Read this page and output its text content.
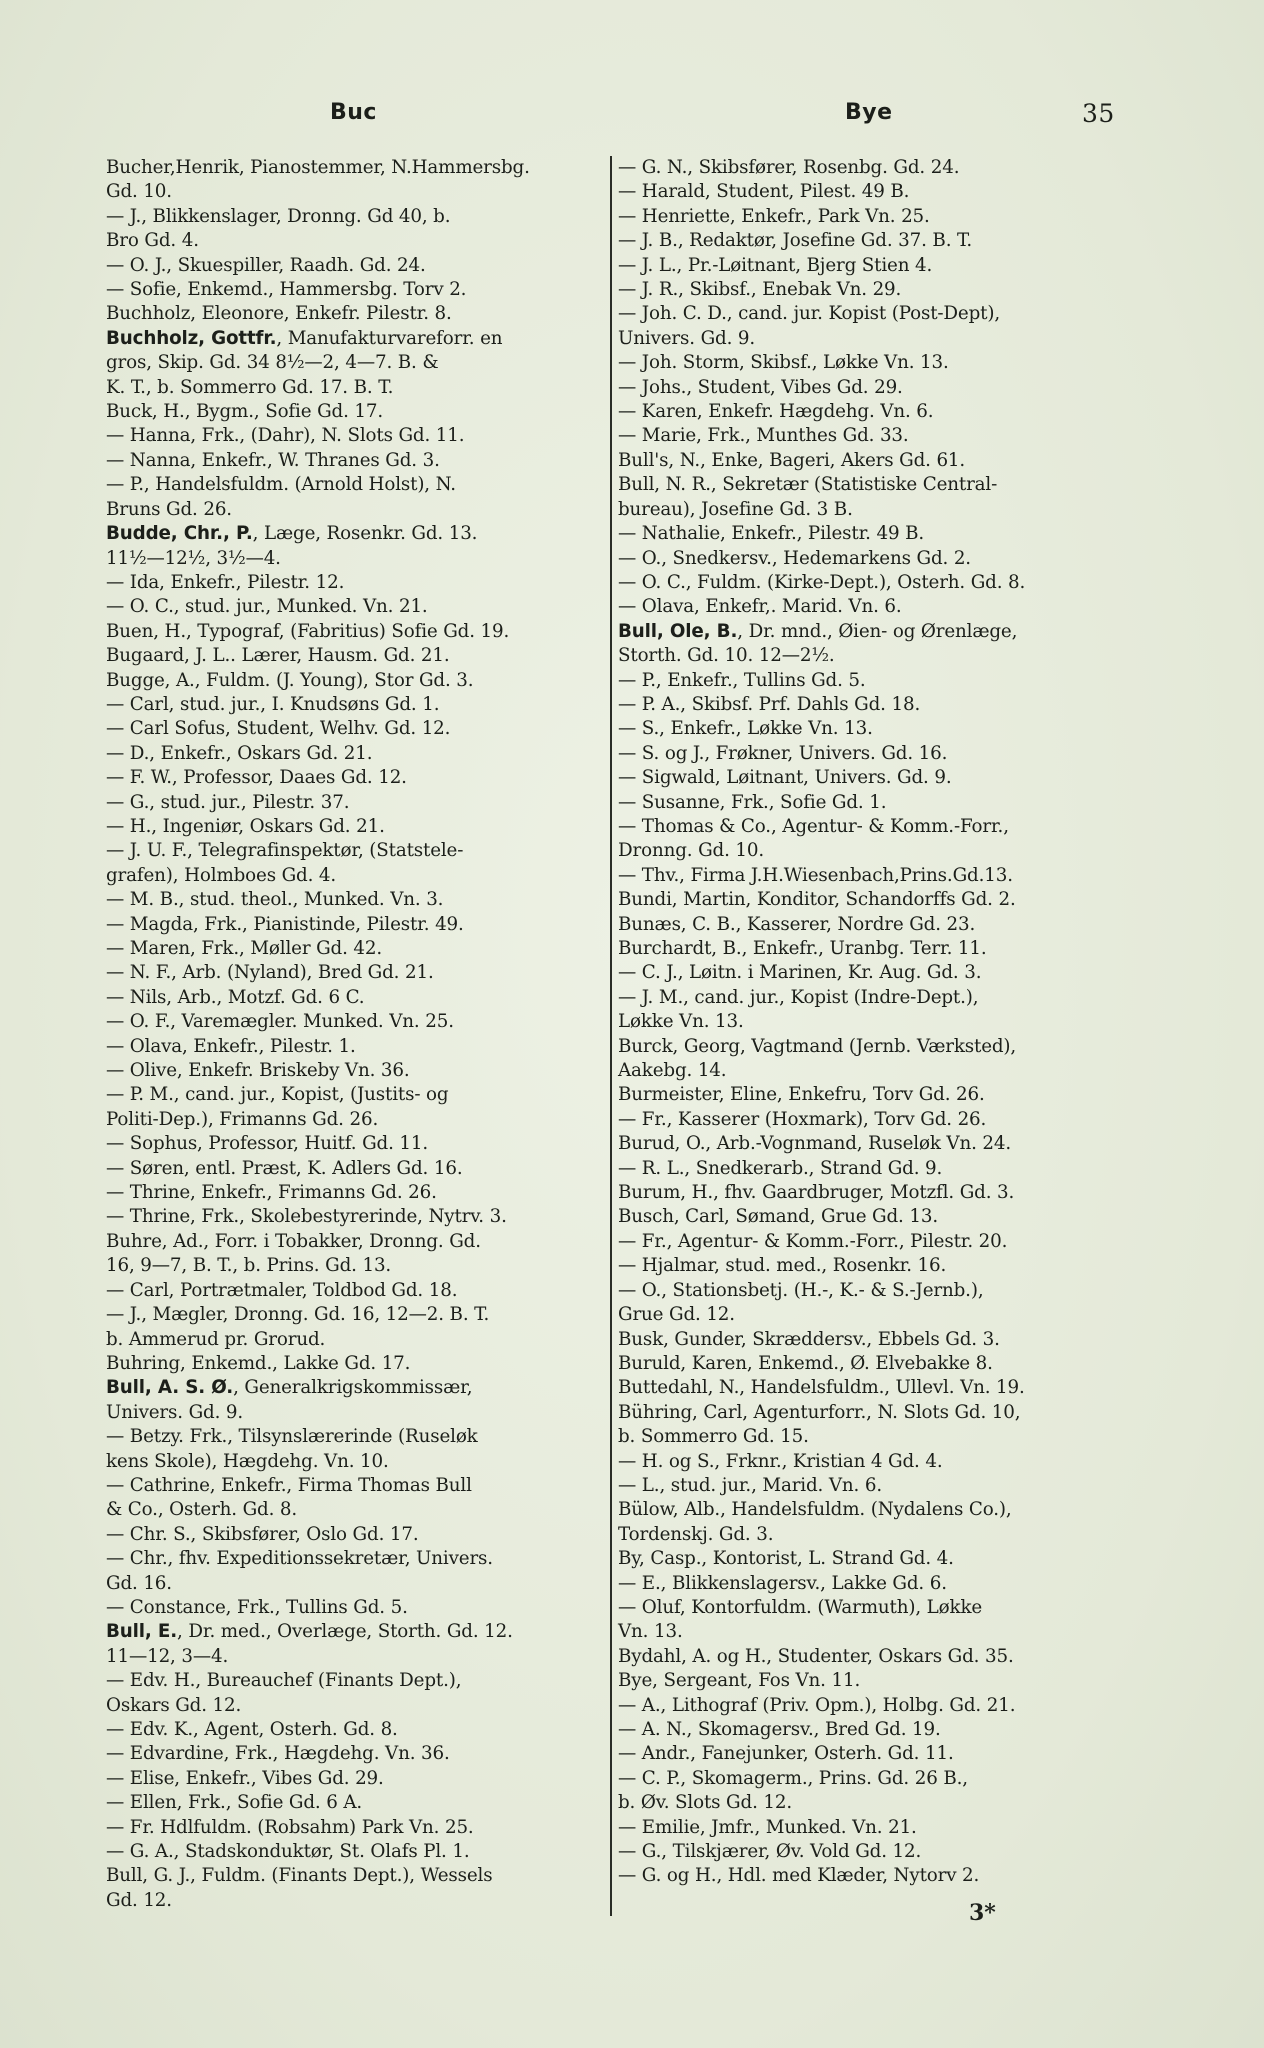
Buc	Bye	35
Bucher,Henrik, Pianostemmer, N.Hammersbg.
Gd. 10.
— J., Blikkenslager, Dronng. Gd 40, b.
Bro Gd. 4.
— O. J., Skuespiller, Raadh. Gd. 24.
— Sofie, Enkemd., Hammersbg. Torv 2.
Buchholz, Eleonore, Enkefr. Pilestr. 8.
Buchholz, Gottfr., Manufakturvareforr. en
gros, Skip. Gd. 34 8½—2, 4—7. B. &
K. T., b. Sommerro Gd. 17. B. T.
Buck, H., Bygm., Sofie Gd. 17.
— Hanna, Frk., (Dahr), N. Slots Gd. 11.
— Nanna, Enkefr., W. Thranes Gd. 3.
— P., Handelsfuldm. (Arnold Holst), N.
Bruns Gd. 26.
Budde, Chr., P., Læge, Rosenkr. Gd. 13.
11½—12½, 3½—4.
— Ida, Enkefr., Pilestr. 12.
— O. C., stud. jur., Munked. Vn. 21.
Buen, H., Typograf, (Fabritius) Sofie Gd. 19.
Bugaard, J. L.. Lærer, Hausm. Gd. 21.
Bugge, A., Fuldm. (J. Young), Stor Gd. 3.
— Carl, stud. jur., I. Knudsøns Gd. 1.
— Carl Sofus, Student, Welhv. Gd. 12.
— D., Enkefr., Oskars Gd. 21.
— F. W., Professor, Daaes Gd. 12.
— G., stud. jur., Pilestr. 37.
— H., Ingeniør, Oskars Gd. 21.
— J. U. F., Telegrafinspektør, (Statstele-
grafen), Holmboes Gd. 4.
— M. B., stud. theol., Munked. Vn. 3.
— Magda, Frk., Pianistinde, Pilestr. 49.
— Maren, Frk., Møller Gd. 42.
— N. F., Arb. (Nyland), Bred Gd. 21.
— Nils, Arb., Motzf. Gd. 6 C.
— O. F., Varemægler. Munked. Vn. 25.
— Olava, Enkefr., Pilestr. 1.
— Olive, Enkefr. Briskeby Vn. 36.
— P. M., cand. jur., Kopist, (Justits- og
Politi-Dep.), Frimanns Gd. 26.
— Sophus, Professor, Huitf. Gd. 11.
— Søren, entl. Præst, K. Adlers Gd. 16.
— Thrine, Enkefr., Frimanns Gd. 26.
— Thrine, Frk., Skolebestyrerinde, Nytrv. 3.
Buhre, Ad., Forr. i Tobakker, Dronng. Gd.
16, 9—7, B. T., b. Prins. Gd. 13.
— Carl, Portrætmaler, Toldbod Gd. 18.
— J., Mægler, Dronng. Gd. 16, 12—2. B. T.
b. Ammerud pr. Grorud.
Buhring, Enkemd., Lakke Gd. 17.
Bull, A. S. Ø., Generalkrigskommissær,
Univers. Gd. 9.
— Betzy. Frk., Tilsynslærerinde (Ruseløk
kens Skole), Hægdehg. Vn. 10.
— Cathrine, Enkefr., Firma Thomas Bull
& Co., Osterh. Gd. 8.
— Chr. S., Skibsfører, Oslo Gd. 17.
— Chr., fhv. Expeditionssekretær, Univers.
Gd. 16.
— Constance, Frk., Tullins Gd. 5.
Bull, E., Dr. med., Overlæge, Storth. Gd. 12.
11—12, 3—4.
— Edv. H., Bureauchef (Finants Dept.),
Oskars Gd. 12.
— Edv. K., Agent, Osterh. Gd. 8.
— Edvardine, Frk., Hægdehg. Vn. 36.
— Elise, Enkefr., Vibes Gd. 29.
— Ellen, Frk., Sofie Gd. 6 A.
— Fr. Hdlfuldm. (Robsahm) Park Vn. 25.
— G. A., Stadskonduktør, St. Olafs Pl. 1.
Bull, G. J., Fuldm. (Finants Dept.), Wessels
Gd. 12.
— G. N., Skibsfører, Rosenbg. Gd. 24.
— Harald, Student, Pilest. 49 B.
— Henriette, Enkefr., Park Vn. 25.
— J. B., Redaktør, Josefine Gd. 37. B. T.
— J. L., Pr.-Løitnant, Bjerg Stien 4.
— J. R., Skibsf., Enebak Vn. 29.
— Joh. C. D., cand. jur. Kopist (Post-Dept),
Univers. Gd. 9.
— Joh. Storm, Skibsf., Løkke Vn. 13.
— Johs., Student, Vibes Gd. 29.
— Karen, Enkefr. Hægdehg. Vn. 6.
— Marie, Frk., Munthes Gd. 33.
Bull's, N., Enke, Bageri, Akers Gd. 61.
Bull, N. R., Sekretær (Statistiske Central-
bureau), Josefine Gd. 3 B.
— Nathalie, Enkefr., Pilestr. 49 B.
— O., Snedkersv., Hedemarkens Gd. 2.
— O. C., Fuldm. (Kirke-Dept.), Osterh. Gd. 8.
— Olava, Enkefr,. Marid. Vn. 6.
Bull, Ole, B., Dr. mnd., Øien- og Ørenlæge,
Storth. Gd. 10. 12—2½.
— P., Enkefr., Tullins Gd. 5.
— P. A., Skibsf. Prf. Dahls Gd. 18.
— S., Enkefr., Løkke Vn. 13.
— S. og J., Frøkner, Univers. Gd. 16.
— Sigwald, Løitnant, Univers. Gd. 9.
— Susanne, Frk., Sofie Gd. 1.
— Thomas & Co., Agentur- & Komm.-Forr.,
Dronng. Gd. 10.
— Thv., Firma J.H.Wiesenbach,Prins.Gd.13.
Bundi, Martin, Konditor, Schandorffs Gd. 2.
Bunæs, C. B., Kasserer, Nordre Gd. 23.
Burchardt, B., Enkefr., Uranbg. Terr. 11.
— C. J., Løitn. i Marinen, Kr. Aug. Gd. 3.
— J. M., cand. jur., Kopist (Indre-Dept.),
Løkke Vn. 13.
Burck, Georg, Vagtmand (Jernb. Værksted),
Aakebg. 14.
Burmeister, Eline, Enkefru, Torv Gd. 26.
— Fr., Kasserer (Hoxmark), Torv Gd. 26.
Burud, O., Arb.-Vognmand, Ruseløk Vn. 24.
— R. L., Snedkerarb., Strand Gd. 9.
Burum, H., fhv. Gaardbruger, Motzfl. Gd. 3.
Busch, Carl, Sømand, Grue Gd. 13.
— Fr., Agentur- & Komm.-Forr., Pilestr. 20.
— Hjalmar, stud. med., Rosenkr. 16.
— O., Stationsbetj. (H.-, K.- & S.-Jernb.),
Grue Gd. 12.
Busk, Gunder, Skræddersv., Ebbels Gd. 3.
Buruld, Karen, Enkemd., Ø. Elvebakke 8.
Buttedahl, N., Handelsfuldm., Ullevl. Vn. 19.
Bühring, Carl, Agenturforr., N. Slots Gd. 10,
b. Sommerro Gd. 15.
— H. og S., Frknr., Kristian 4 Gd. 4.
— L., stud. jur., Marid. Vn. 6.
Bülow, Alb., Handelsfuldm. (Nydalens Co.),
Tordenskj. Gd. 3.
By, Casp., Kontorist, L. Strand Gd. 4.
— E., Blikkenslagersv., Lakke Gd. 6.
— Oluf, Kontorfuldm. (Warmuth), Løkke
Vn. 13.
Bydahl, A. og H., Studenter, Oskars Gd. 35.
Bye, Sergeant, Fos Vn. 11.
— A., Lithograf (Priv. Opm.), Holbg. Gd. 21.
— A. N., Skomagersv., Bred Gd. 19.
— Andr., Fanejunker, Osterh. Gd. 11.
— C. P., Skomagerm., Prins. Gd. 26 B.,
b. Øv. Slots Gd. 12.
— Emilie, Jmfr., Munked. Vn. 21.
— G., Tilskjærer, Øv. Vold Gd. 12.
— G. og H., Hdl. med Klæder, Nytorv 2.
3*
